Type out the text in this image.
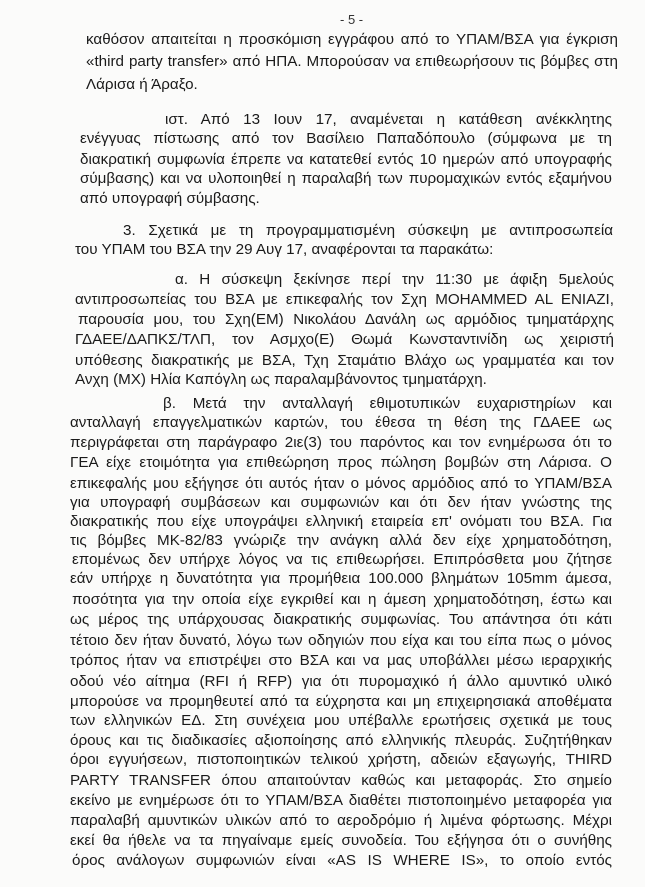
- 5 -
καθόσον απαιτείται η προσκόμιση εγγράφου από το ΥΠΑΜ/ΒΣΑ για έγκριση
«third party transfer» από ΗΠΑ. Μπορούσαν να επιθεωρήσουν τις βόμβες στη
Λάρισα ή Άραξο.
ιστ. Από 13 Ιουν 17, αναμένεται η κατάθεση ανέκκλητης
ενέγγυας πίστωσης από τον Βασίλειο Παπαδόπουλο (σύμφωνα με τη
διακρατική συμφωνία έπρεπε να κατατεθεί εντός 10 ημερών από υπογραφής
σύμβασης) και να υλοποιηθεί η παραλαβή των πυρομαχικών εντός εξαμήνου
από υπογραφή σύμβασης.
3. Σχετικά με τη προγραμματισμένη σύσκεψη με αντιπροσωπεία
του ΥΠΑΜ του ΒΣΑ την 29 Αυγ 17, αναφέρονται τα παρακάτω:
α. Η σύσκεψη ξεκίνησε περί την 11:30 με άφιξη 5μελούς
αντιπροσωπείας του ΒΣΑ με επικεφαλής τον Σχη MOHAMMED AL ENIAZI,
παρουσία μου, του Σχη(ΕΜ) Νικολάου Δανάλη ως αρμόδιος τμηματάρχης
ΓΔΑΕΕ/ΔΑΠΚΣ/ΤΛΠ, τον Ασμχο(Ε) Θωμά Κωνσταντινίδη ως χειριστή
υπόθεσης διακρατικής με ΒΣΑ, Τχη Σταμάτιο Βλάχο ως γραμματέα και τον
Ανχη (ΜΧ) Ηλία Καπόγλη ως παραλαμβάνοντος τμηματάρχη.
β. Μετά την ανταλλαγή εθιμοτυπικών ευχαριστηρίων και
ανταλλαγή επαγγελματικών καρτών, του έθεσα τη θέση της ΓΔΑΕΕ ως
περιγράφεται στη παράγραφο 2ιε(3) του παρόντος και τον ενημέρωσα ότι το
ΓΕΑ είχε ετοιμότητα για επιθεώρηση προς πώληση βομβών στη Λάρισα. Ο
επικεφαλής μου εξήγησε ότι αυτός ήταν ο μόνος αρμόδιος από το ΥΠΑΜ/ΒΣΑ
για υπογραφή συμβάσεων και συμφωνιών και ότι δεν ήταν γνώστης της
διακρατικής που είχε υπογράψει ελληνική εταιρεία επ' ονόματι του ΒΣΑ. Για
τις βόμβες ΜΚ-82/83 γνώριζε την ανάγκη αλλά δεν είχε χρηματοδότηση,
επομένως δεν υπήρχε λόγος να τις επιθεωρήσει. Επιπρόσθετα μου ζήτησε
εάν υπήρχε η δυνατότητα για προμήθεια 100.000 βλημάτων 105mm άμεσα,
ποσότητα για την οποία είχε εγκριθεί και η άμεση χρηματοδότηση, έστω και
ως μέρος της υπάρχουσας διακρατικής συμφωνίας. Του απάντησα ότι κάτι
τέτοιο δεν ήταν δυνατό, λόγω των οδηγιών που είχα και του είπα πως ο μόνος
τρόπος ήταν να επιστρέψει στο ΒΣΑ και να μας υποβάλλει μέσω ιεραρχικής
οδού νέο αίτημα (RFI ή RFP) για ότι πυρομαχικό ή άλλο αμυντικό υλικό
μπορούσε να προμηθευτεί από τα εύχρηστα και μη επιχειρησιακά αποθέματα
των ελληνικών ΕΔ. Στη συνέχεια μου υπέβαλλε ερωτήσεις σχετικά με τους
όρους και τις διαδικασίες αξιοποίησης από ελληνικής πλευράς. Συζητήθηκαν
όροι εγγυήσεων, πιστοποιητικών τελικού χρήστη, αδειών εξαγωγής, THIRD
PARTY TRANSFER όπου απαιτούνταν καθώς και μεταφοράς. Στο σημείο
εκείνο με ενημέρωσε ότι το ΥΠΑΜ/ΒΣΑ διαθέτει πιστοποιημένο μεταφορέα για
παραλαβή αμυντικών υλικών από το αεροδρόμιο ή λιμένα φόρτωσης. Μέχρι
εκεί θα ήθελε να τα πηγαίναμε εμείς συνοδεία. Του εξήγησα ότι ο συνήθης
όρος ανάλογων συμφωνιών είναι «AS IS WHERE IS», το οποίο εντός
